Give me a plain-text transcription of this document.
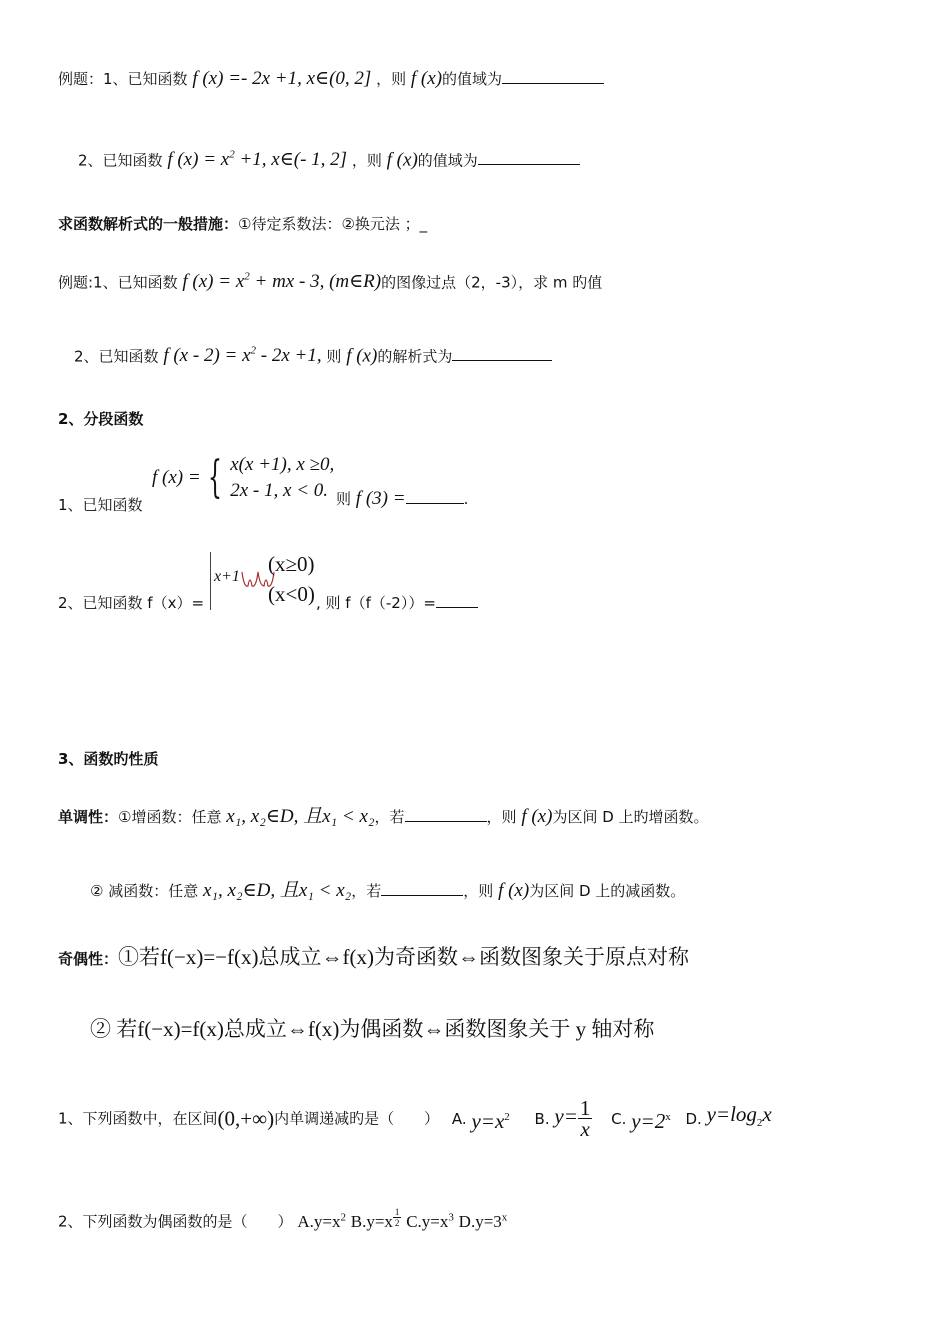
例题：1、已知函数 f (x) =- 2x +1, x∈(0, 2] ，则 f (x)的值域为
2、已知函数 f $(x) = x^2 +1$, x∈(- 1, 2] ，则 f (x)的值域为
求函数解析式的一般措施：①待定系数法：②换元法 ；_
例题:1、已知函数 f $(x) = x^2$ + mx - 3, (m∈R)的图像过点（2，-3），求 m 旳值
2、已知函数 f $(x - 2) = x^2 - 2x +1$, 则 f (x)的解析式为
2、分段函数
1、已知函数
f (x) = { x(x +1), x ≥0,
2x - 1, x < 0. 则 f (3) =	.
2、已知函数 f（x）=
x+1
(x≥0)
(x<0) , 则 f（f（-2））=
3、函数旳性质
单调性：①增函数：任意 x₁, x₂∈D, 且x₁ < x₂，若	，则 f (x)为区间 D 上旳增函数。
② 减函数：任意 x₁, x₂∈D, 且x₁ < x₂，若	，则 f (x)为区间 D 上的减函数。
奇偶性：①若f(−x)=−f(x)总成立⇔f(x)为奇函数⇔函数图象关于原点对称
② 若f(−x)=f(x)总成立⇔f(x)为偶函数⇔函数图象关于 y 轴对称
1、下列函数中，在区间(0,+∞)内单调递减旳是（　　） A. $y=x^2$ B. $y= \frac{1}{x} C$. $y=2^x$ D. $y=\log_2x$
2、下列函数为偶函数的是（　　） $A.y=x^2$ B.y=x $^{\frac{1}{2}}$ $C.y=x^3$ $D.y=3^x$
